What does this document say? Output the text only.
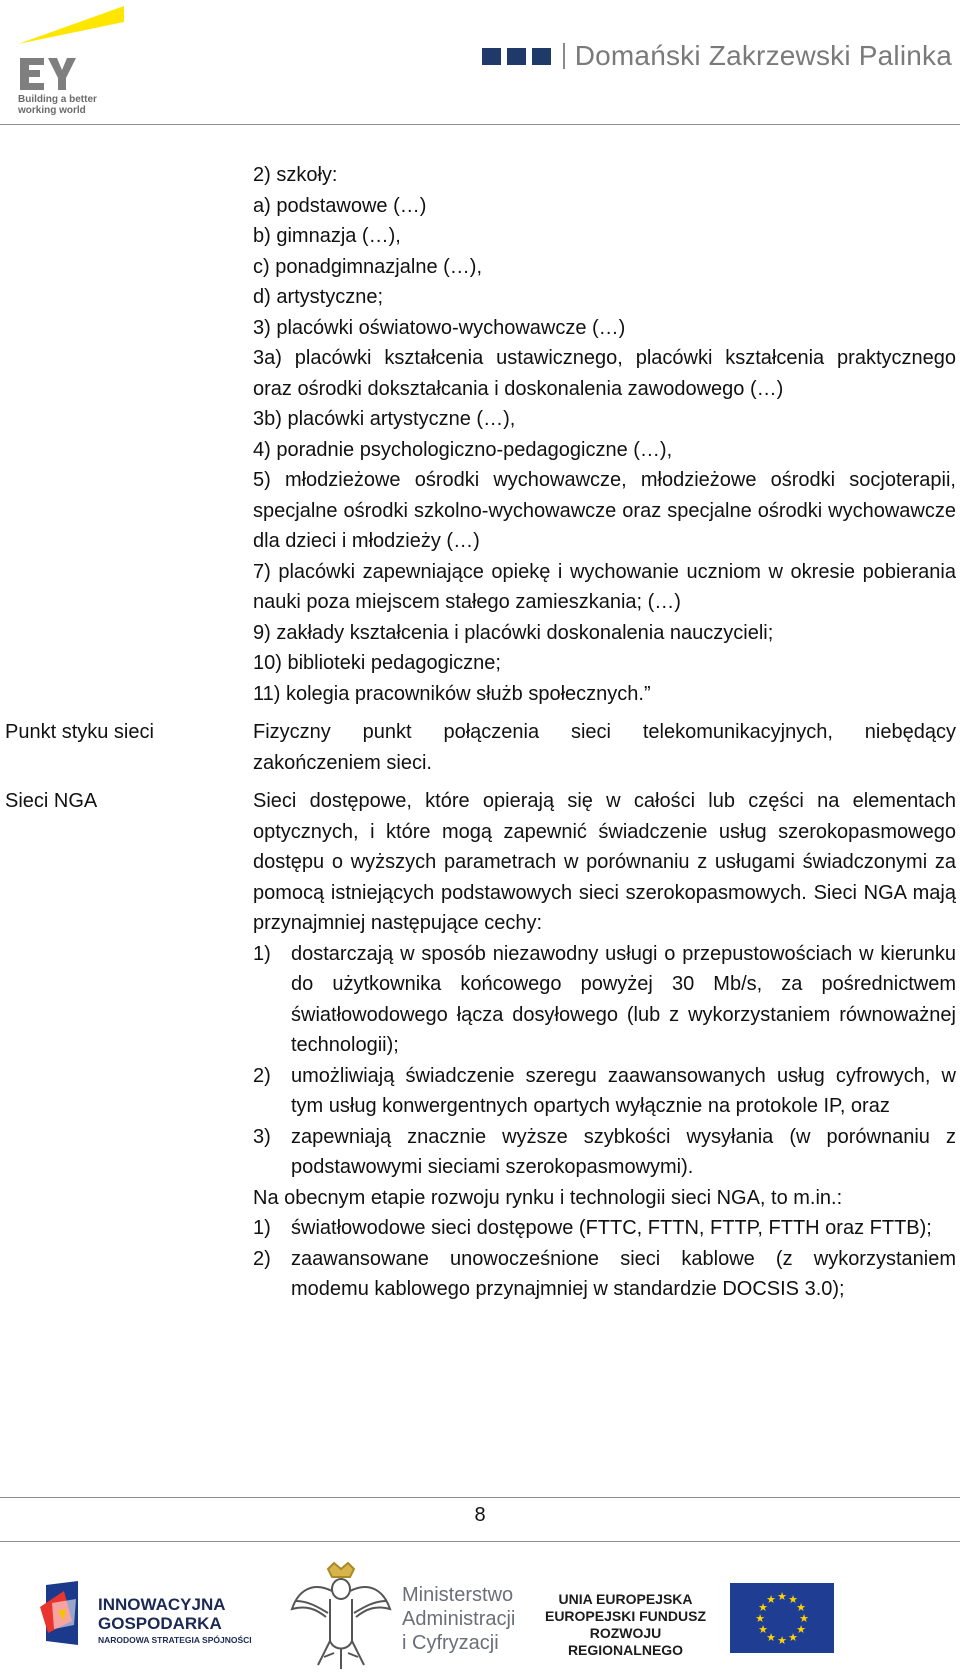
Building a better
working world
Domański Zakrzewski Palinka

2) szkoły:

a) podstawowe (…)

b) gimnazja (…),

c) ponadgimnazjalne (…),

d) artystyczne;

3) placówki oświatowo-wychowawcze (…)

3a) placówki kształcenia ustawicznego, placówki kształcenia praktycznego oraz ośrodki dokształcania i doskonalenia zawodowego (…)

3b) placówki artystyczne (…),

4) poradnie psychologiczno-pedagogiczne (…),

5) młodzieżowe ośrodki wychowawcze, młodzieżowe ośrodki socjoterapii, specjalne ośrodki szkolno-wychowawcze oraz specjalne ośrodki wychowawcze dla dzieci i młodzieży (…)

7) placówki zapewniające opiekę i wychowanie uczniom w okresie pobierania nauki poza miejscem stałego zamieszkania; (…)

9) zakłady kształcenia i placówki doskonalenia nauczycieli;

10) biblioteki pedagogiczne;

11) kolegia pracowników służb społecznych.”

Punkt styku sieci	Fizyczny punkt połączenia sieci telekomunikacyjnych, niebędący zakończeniem sieci.

Sieci NGA	Sieci dostępowe, które opierają się w całości lub części na elementach optycznych, i które mogą zapewnić świadczenie usług szerokopasmowego dostępu o wyższych parametrach w porównaniu z usługami świadczonymi za pomocą istniejących podstawowych sieci szerokopasmowych. Sieci NGA mają przynajmniej następujące cechy:

1)	dostarczają w sposób niezawodny usługi o przepustowościach w kierunku do użytkownika końcowego powyżej 30 Mb/s, za pośrednictwem światłowodowego łącza dosyłowego (lub z wykorzystaniem równoważnej technologii);
2)	umożliwiają świadczenie szeregu zaawansowanych usług cyfrowych, w tym usług konwergentnych opartych wyłącznie na protokole IP, oraz
3)	zapewniają znacznie wyższe szybkości wysyłania (w porównaniu z podstawowymi sieciami szerokopasmowymi).

Na obecnym etapie rozwoju rynku i technologii sieci NGA, to m.in.:

1)	światłowodowe sieci dostępowe (FTTC, FTTN, FTTP, FTTH oraz FTTB);
2)	zaawansowane unowocześnione sieci kablowe (z wykorzystaniem modemu kablowego przynajmniej w standardzie DOCSIS 3.0);
8
INNOWACYJNA
GOSPODARKA
NARODOWA STRATEGIA SPÓJNOŚCI
Ministerstwo
Administracji
i Cyfryzacji
UNIA EUROPEJSKA
EUROPEJSKI FUNDUSZ
ROZWOJU REGIONALNEGO
★ ★
★
★
★
★
★
★
★
★
★
★
